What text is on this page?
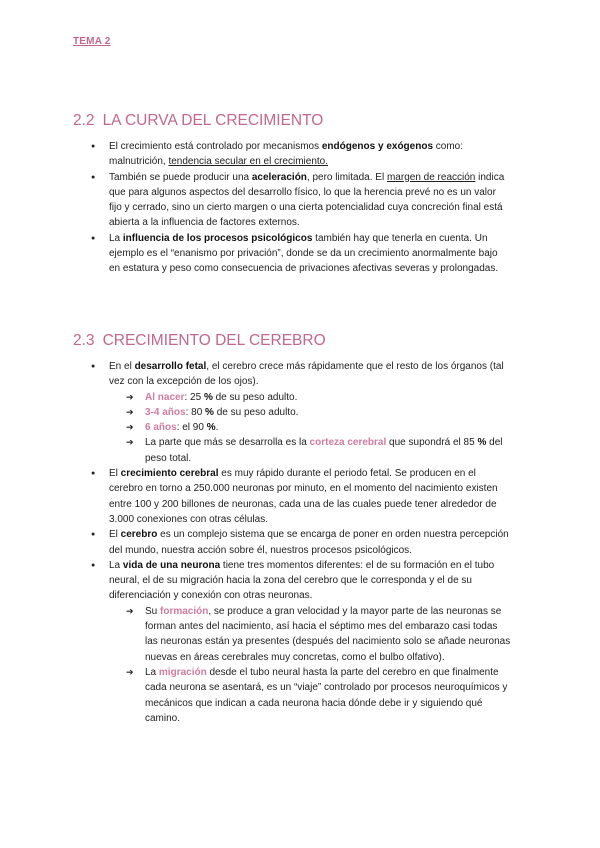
TEMA 2
2.2 LA CURVA DEL CRECIMIENTO
● El crecimiento está controlado por mecanismos endógenos y exógenos como: malnutrición, tendencia secular en el crecimiento.
● También se puede producir una aceleración, pero limitada. El margen de reacción indica que para algunos aspectos del desarrollo físico, lo que la herencia prevé no es un valor fijo y cerrado, sino un cierto margen o una cierta potencialidad cuya concreción final está abierta a la influencia de factores externos.
● La influencia de los procesos psicológicos también hay que tenerla en cuenta. Un ejemplo es el “enanismo por privación”, donde se da un crecimiento anormalmente bajo en estatura y peso como consecuencia de privaciones afectivas severas y prolongadas.
2.3 CRECIMIENTO DEL CEREBRO
● En el desarrollo fetal, el cerebro crece más rápidamente que el resto de los órganos (tal vez con la excepción de los ojos).
➔ Al nacer: 25 % de su peso adulto.
➔ 3-4 años: 80 % de su peso adulto.
➔ 6 años: el 90 %.
➔ La parte que más se desarrolla es la corteza cerebral que supondrá el 85 % del peso total.
● El crecimiento cerebral es muy rápido durante el periodo fetal. Se producen en el cerebro en torno a 250.000 neuronas por minuto, en el momento del nacimiento existen entre 100 y 200 billones de neuronas, cada una de las cuales puede tener alrededor de 3.000 conexiones con otras células.
● El cerebro es un complejo sistema que se encarga de poner en orden nuestra percepción del mundo, nuestra acción sobre él, nuestros procesos psicológicos.
● La vida de una neurona tiene tres momentos diferentes: el de su formación en el tubo neural, el de su migración hacia la zona del cerebro que le corresponda y el de su diferenciación y conexión con otras neuronas.
➔ Su formación, se produce a gran velocidad y la mayor parte de las neuronas se forman antes del nacimiento, así hacia el séptimo mes del embarazo casi todas las neuronas están ya presentes (después del nacimiento solo se añade neuronas nuevas en áreas cerebrales muy concretas, como el bulbo olfativo).
➔ La migración desde el tubo neural hasta la parte del cerebro en que finalmente cada neurona se asentará, es un “viaje” controlado por procesos neuroquímicos y mecánicos que indican a cada neurona hacia dónde debe ir y siguiendo qué camino.
